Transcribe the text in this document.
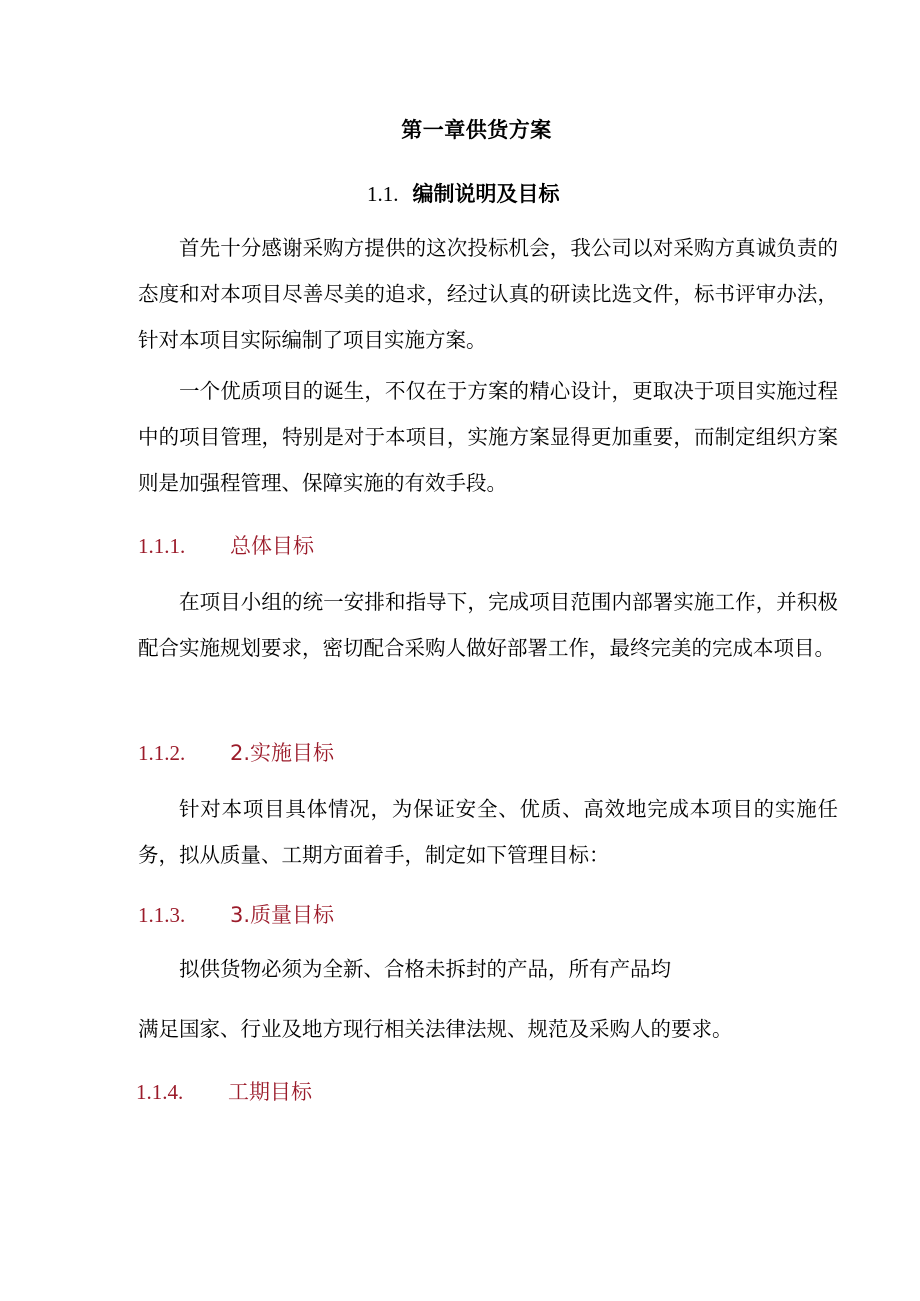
第一章供货方案
1.1. 编制说明及目标

首先十分感谢采购方提供的这次投标机会，我公司以对采购方真诚负责的态度和对本项目尽善尽美的追求，经过认真的研读比选文件，标书评审办法，针对本项目实际编制了项目实施方案。

一个优质项目的诞生，不仅在于方案的精心设计，更取决于项目实施过程中的项目管理，特别是对于本项目，实施方案显得更加重要，而制定组织方案则是加强程管理、保障实施的有效手段。

1.1.1. 总体目标

在项目小组的统一安排和指导下，完成项目范围内部署实施工作，并积极配合实施规划要求，密切配合采购人做好部署工作，最终完美的完成本项目。

1.1.2. 2.实施目标

针对本项目具体情况，为保证安全、优质、高效地完成本项目的实施任务，拟从质量、工期方面着手，制定如下管理目标：

1.1.3. 3.质量目标

拟供货物必须为全新、合格未拆封的产品，所有产品均

满足国家、行业及地方现行相关法律法规、规范及采购人的要求。

1.1.4. 工期目标
